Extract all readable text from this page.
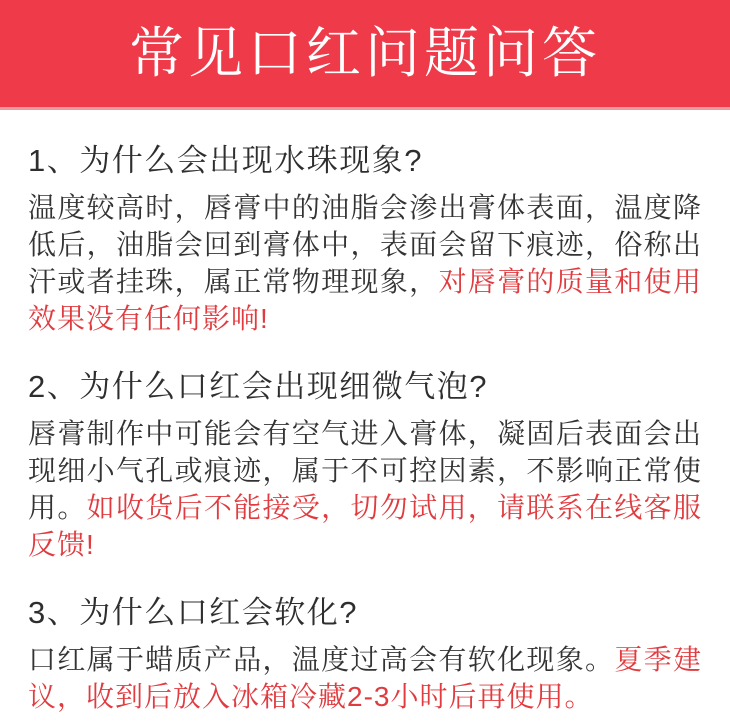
常见口红问题问答
1、为什么会出现水珠现象?

温度较高时，唇膏中的油脂会渗出膏体表面，温度降低后，油脂会回到膏体中，表面会留下痕迹，俗称出汗或者挂珠，属正常物理现象，对唇膏的质量和使用效果没有任何影响!

2、为什么口红会出现细微气泡?

唇膏制作中可能会有空气进入膏体，凝固后表面会出现细小气孔或痕迹，属于不可控因素，不影响正常使用。如收货后不能接受，切勿试用，请联系在线客服反馈!

3、为什么口红会软化?

口红属于蜡质产品，温度过高会有软化现象。夏季建议，收到后放入冰箱冷藏2-3小时后再使用。
